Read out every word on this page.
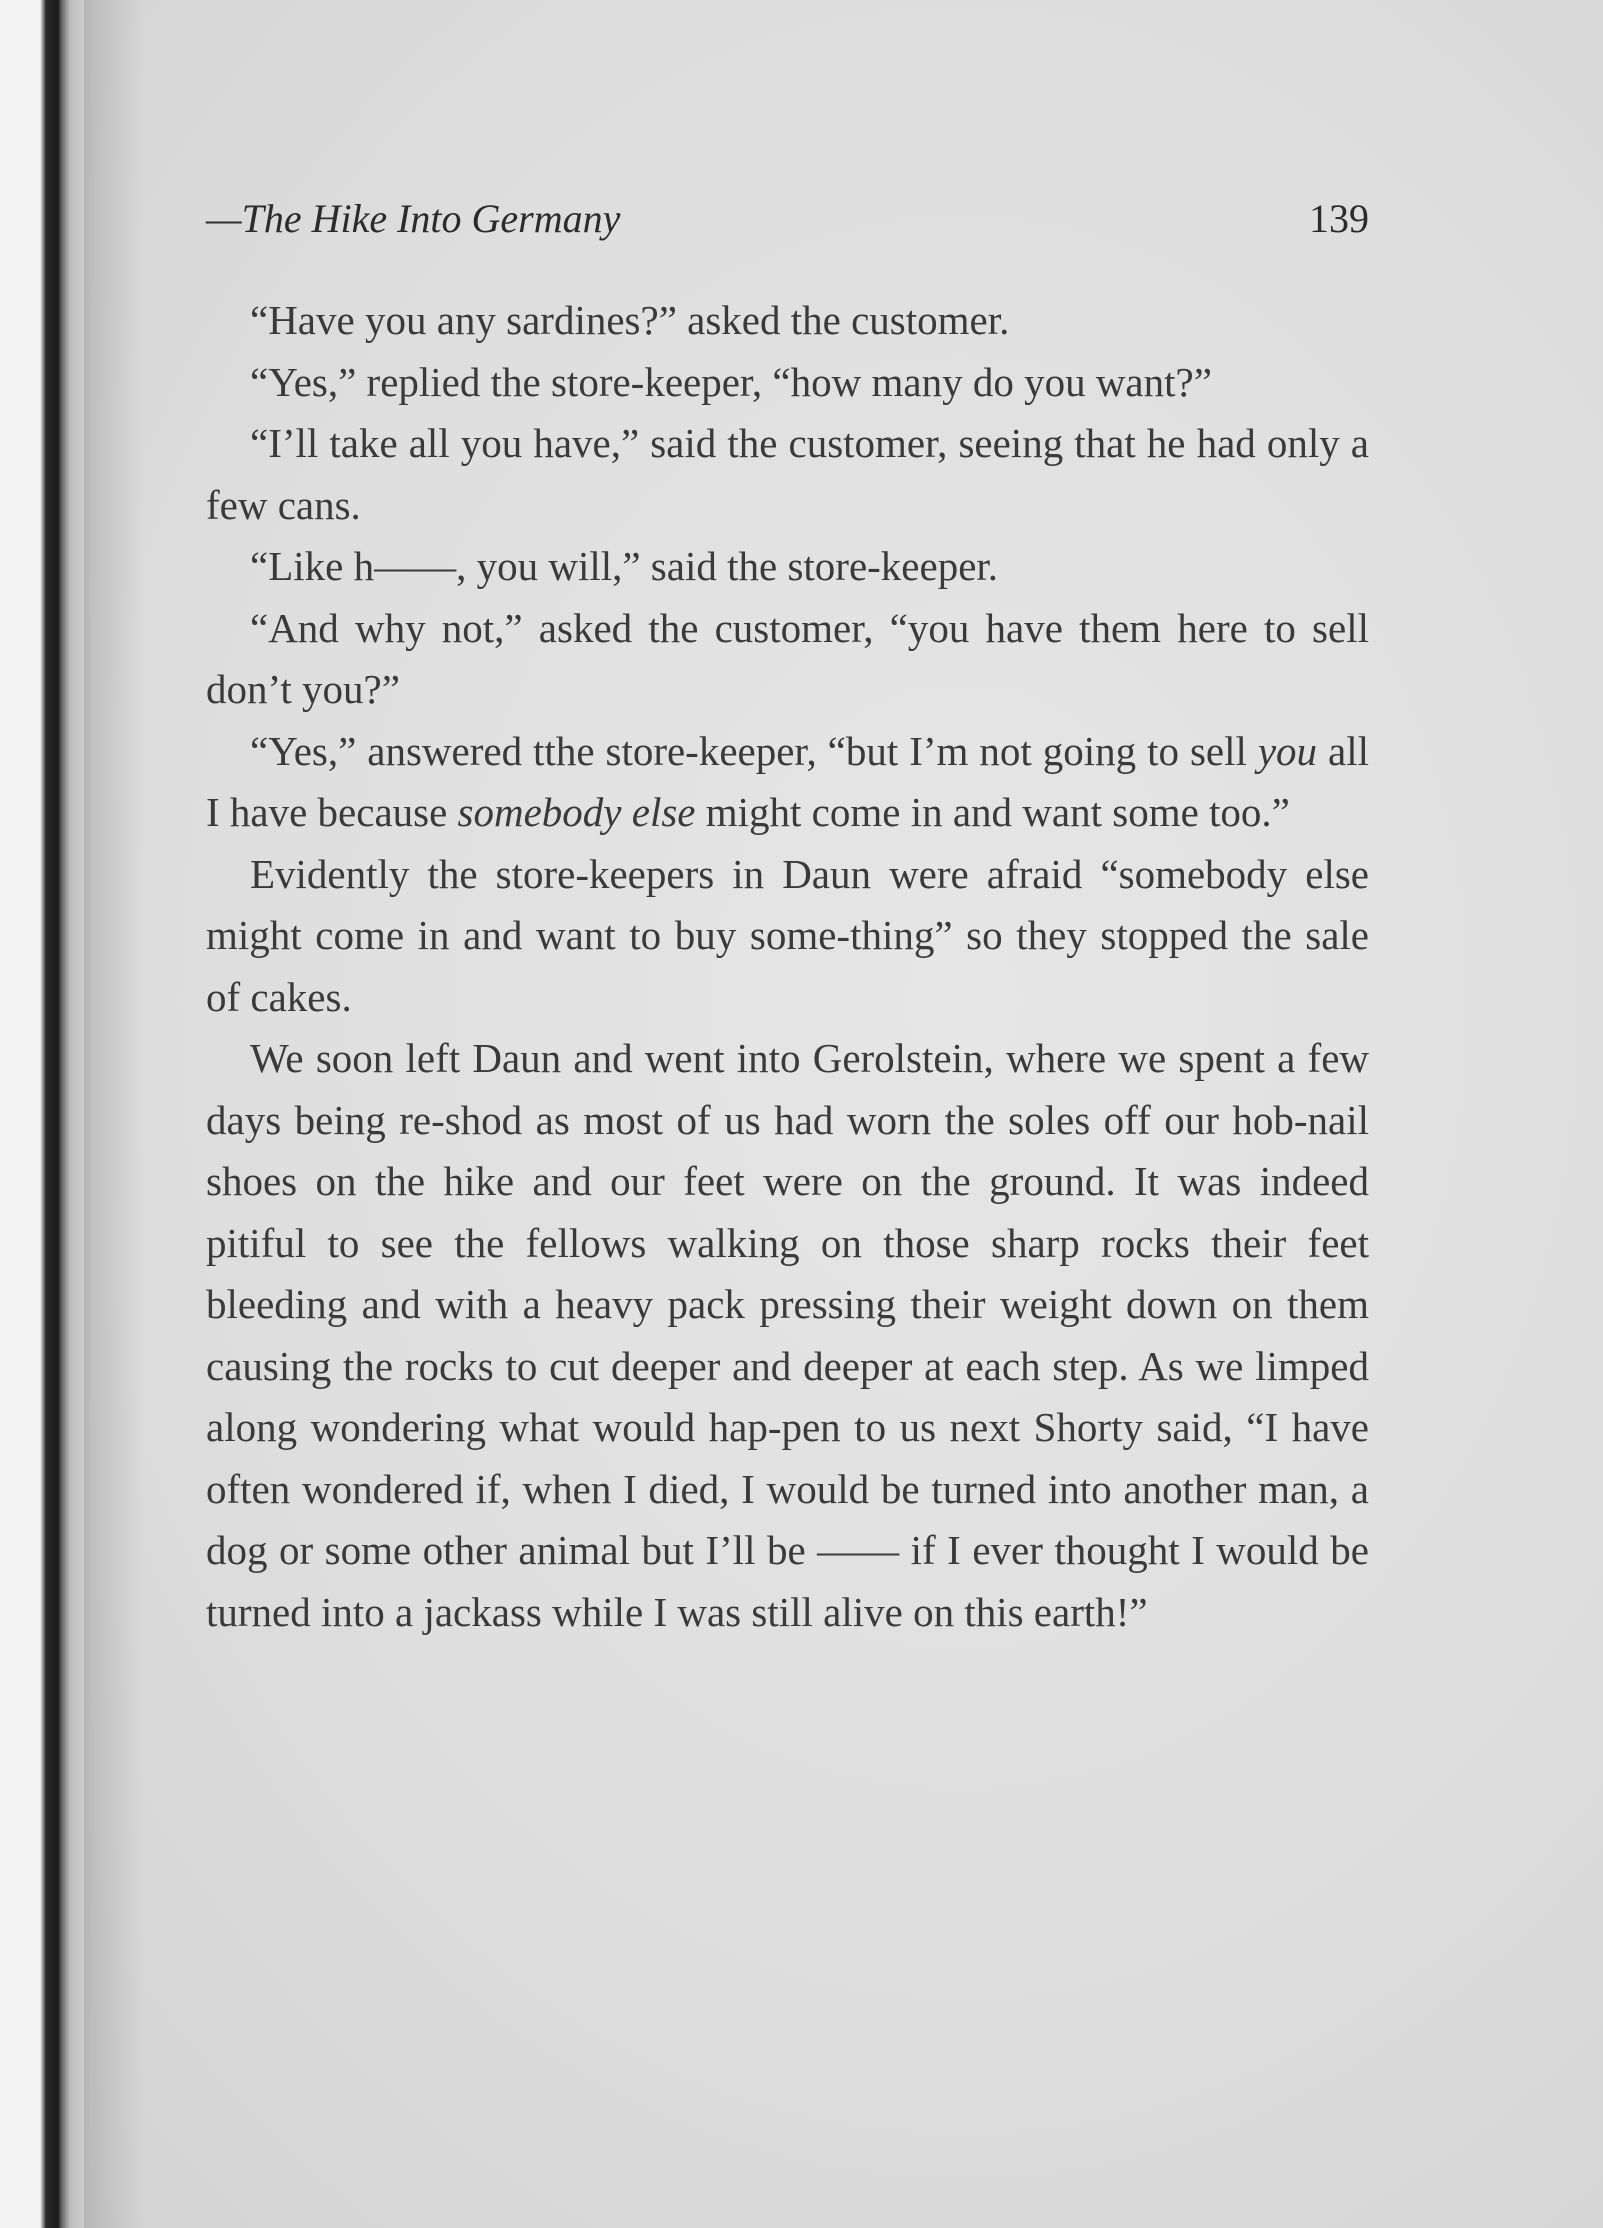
—The Hike Into Germany	139

“Have you any sardines?” asked the customer.

“Yes,” replied the store-keeper, “how many do you want?”

“I’ll take all you have,” said the customer, seeing that he had only a few cans.

“Like h——, you will,” said the store-keeper.

“And why not,” asked the customer, “you have them here to sell don’t you?”

“Yes,” answered tthe store-keeper, “but I’m not going to sell you all I have because somebody else might come in and want some too.”

Evidently the store-keepers in Daun were afraid “somebody else might come in and want to buy some-thing” so they stopped the sale of cakes.

We soon left Daun and went into Gerolstein, where we spent a few days being re-shod as most of us had worn the soles off our hob-nail shoes on the hike and our feet were on the ground. It was indeed pitiful to see the fellows walking on those sharp rocks their feet bleeding and with a heavy pack pressing their weight down on them causing the rocks to cut deeper and deeper at each step. As we limped along wondering what would hap-pen to us next Shorty said, “I have often wondered if, when I died, I would be turned into another man, a dog or some other animal but I’ll be —— if I ever thought I would be turned into a jackass while I was still alive on this earth!”
